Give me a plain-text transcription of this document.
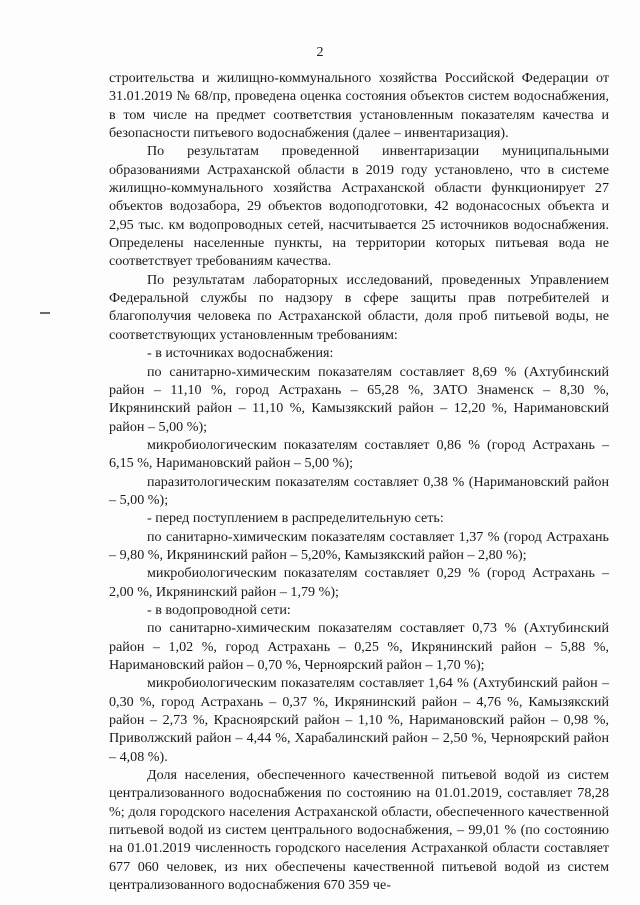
2

строительства и жилищно-коммунального хозяйства Российской Федерации от 31.01.2019 № 68/пр, проведена оценка состояния объектов систем водоснабжения, в том числе на предмет соответствия установленным показателям качества и безопасности питьевого водоснабжения (далее – инвентаризация).

По результатам проведенной инвентаризации муниципальными образованиями Астраханской области в 2019 году установлено, что в системе жилищно-коммунального хозяйства Астраханской области функционирует 27 объектов водозабора, 29 объектов водоподготовки, 42 водонасосных объекта и 2,95 тыс. км водопроводных сетей, насчитывается 25 источников водоснабжения. Определены населенные пункты, на территории которых питьевая вода не соответствует требованиям качества.

По результатам лабораторных исследований, проведенных Управлением Федеральной службы по надзору в сфере защиты прав потребителей и благополучия человека по Астраханской области, доля проб питьевой воды, не соответствующих установленным требованиям:

- в источниках водоснабжения:

по санитарно-химическим показателям составляет 8,69 % (Ахтубинский район – 11,10 %, город Астрахань – 65,28 %, ЗАТО Знаменск – 8,30 %, Икрянинский район – 11,10 %, Камызякский район – 12,20 %, Наримановский район – 5,00 %);

микробиологическим показателям составляет 0,86 % (город Астрахань – 6,15 %, Наримановский район – 5,00 %);

паразитологическим показателям составляет 0,38 % (Наримановский район – 5,00 %);

- перед поступлением в распределительную сеть:

по санитарно-химическим показателям составляет 1,37 % (город Астрахань – 9,80 %, Икрянинский район – 5,20%, Камызякский район – 2,80 %);

микробиологическим показателям составляет 0,29 % (город Астрахань – 2,00 %, Икрянинский район – 1,79 %);

- в водопроводной сети:

по санитарно-химическим показателям составляет 0,73 % (Ахтубинский район – 1,02 %, город Астрахань – 0,25 %, Икрянинский район – 5,88 %, Наримановский район – 0,70 %, Черноярский район – 1,70 %);

микробиологическим показателям составляет 1,64 % (Ахтубинский район – 0,30 %, город Астрахань – 0,37 %, Икрянинский район – 4,76 %, Камызякский район – 2,73 %, Красноярский район – 1,10 %, Наримановский район – 0,98 %, Приволжский район – 4,44 %, Харабалинский район – 2,50 %, Черноярский район – 4,08 %).

Доля населения, обеспеченного качественной питьевой водой из систем централизованного водоснабжения по состоянию на 01.01.2019, составляет 78,28 %; доля городского населения Астраханской области, обеспеченного качественной питьевой водой из систем центрального водоснабжения, – 99,01 % (по состоянию на 01.01.2019 численность городского населения Астраханкой области составляет 677 060 человек, из них обеспечены качественной питьевой водой из систем централизованного водоснабжения 670 359 че-
